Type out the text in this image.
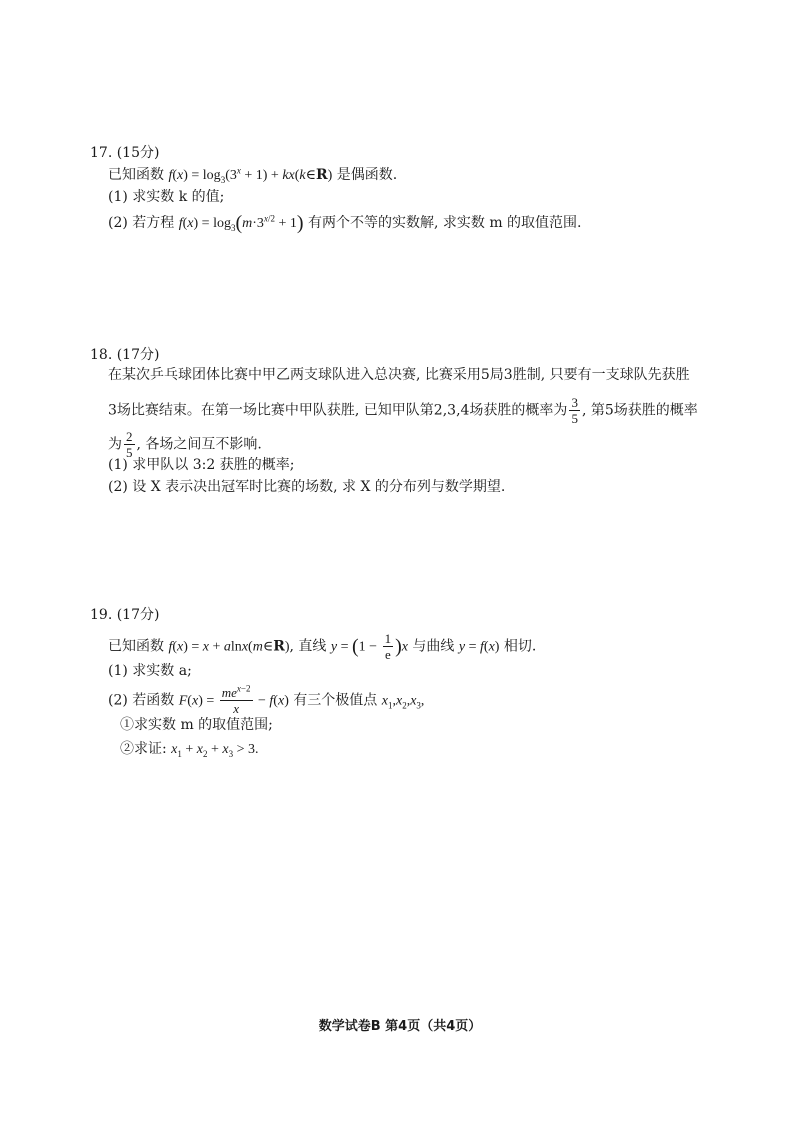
17. (15分)
已知函数 $f(x) = \log_3(3^x + 1)$ + kx(k∈R) 是偶函数.
(1) 求实数 k 的值;
(2) 若方程 $f(x) = \log_3(m\cdot 3^{x/2} + 1)$ 有两个不等的实数解, 求实数 m 的取值范围.
18. (17分)
在某次乒乓球团体比赛中甲乙两支球队进入总决赛, 比赛采用5局3胜制, 只要有一支球队先获胜
3场比赛结束。在第一场比赛中甲队获胜, 已知甲队第2,3,4场获胜的概率为 $\frac{3}{5}$ , 第5场获胜的概率
为 $\frac{2}{5}$ , 各场之间互不影响.
(1) 求甲队以 3:2 获胜的概率;
(2) 设 X 表示决出冠军时比赛的场数, 求 X 的分布列与数学期望.
19. (17分)
已知函数 f(x) = x + alnx(m∈R), 直线 $y = (1 - \frac{1}{e} )x$ 与曲线 y = f(x) 相切.
(1) 求实数 a;
(2) 若函数 $F(x) = \frac{me^{x-2}}{x} - f(x)$ 有三个极值点 $x_1,x_2,x_3$,
①求实数 m 的取值范围;
②求证: $x_1 + x_2 + x_3 > 3$.
数学试卷B 第4页（共4页）
